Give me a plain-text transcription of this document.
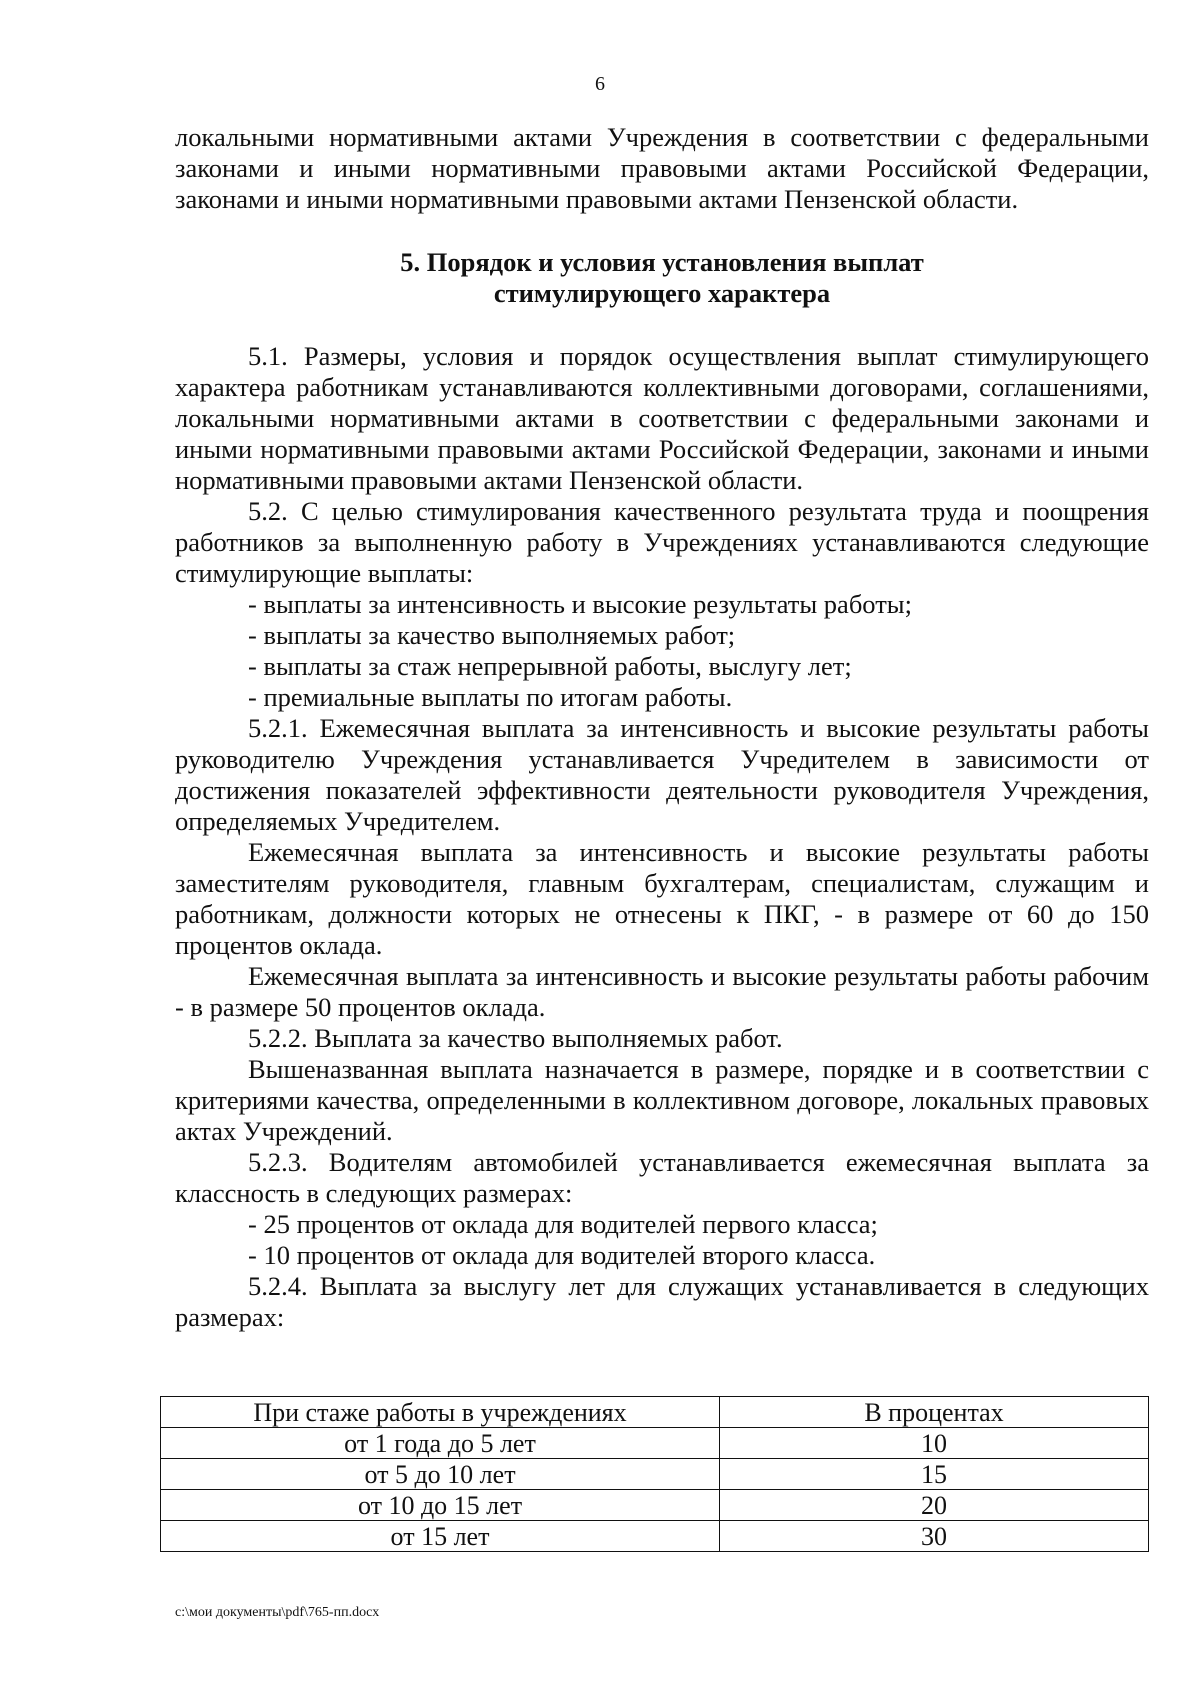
6

локальными нормативными актами Учреждения в соответствии с федеральными законами и иными нормативными правовыми актами Российской Федерации, законами и иными нормативными правовыми актами Пензенской области.

5. Порядок и условия установления выплат
стимулирующего характера

5.1. Размеры, условия и порядок осуществления выплат стимулирующего характера работникам устанавливаются коллективными договорами, соглашениями, локальными нормативными актами в соответствии с федеральными законами и иными нормативными правовыми актами Российской Федерации, законами и иными нормативными правовыми актами Пензенской области.

5.2. С целью стимулирования качественного результата труда и поощрения работников за выполненную работу в Учреждениях устанавливаются следующие стимулирующие выплаты:

- выплаты за интенсивность и высокие результаты работы;

- выплаты за качество выполняемых работ;

- выплаты за стаж непрерывной работы, выслугу лет;

- премиальные выплаты по итогам работы.

5.2.1. Ежемесячная выплата за интенсивность и высокие результаты работы руководителю Учреждения устанавливается Учредителем в зависимости от достижения показателей эффективности деятельности руководителя Учреждения, определяемых Учредителем.

Ежемесячная выплата за интенсивность и высокие результаты работы заместителям руководителя, главным бухгалтерам, специалистам, служащим и работникам, должности которых не отнесены к ПКГ, - в размере от 60 до 150 процентов оклада.

Ежемесячная выплата за интенсивность и высокие результаты работы рабочим - в размере 50 процентов оклада.

5.2.2. Выплата за качество выполняемых работ.

Вышеназванная выплата назначается в размере, порядке и в соответствии с критериями качества, определенными в коллективном договоре, локальных правовых актах Учреждений.

5.2.3. Водителям автомобилей устанавливается ежемесячная выплата за классность в следующих размерах:

- 25 процентов от оклада для водителей первого класса;

- 10 процентов от оклада для водителей второго класса.

5.2.4. Выплата за выслугу лет для служащих устанавливается в следующих размерах:

При стаже работы в учреждениях	В процентах
от 1 года до 5 лет	10
от 5 до 10 лет	15
от 10 до 15 лет	20
от 15 лет	30
c:\мои документы\pdf\765-пп.docx
